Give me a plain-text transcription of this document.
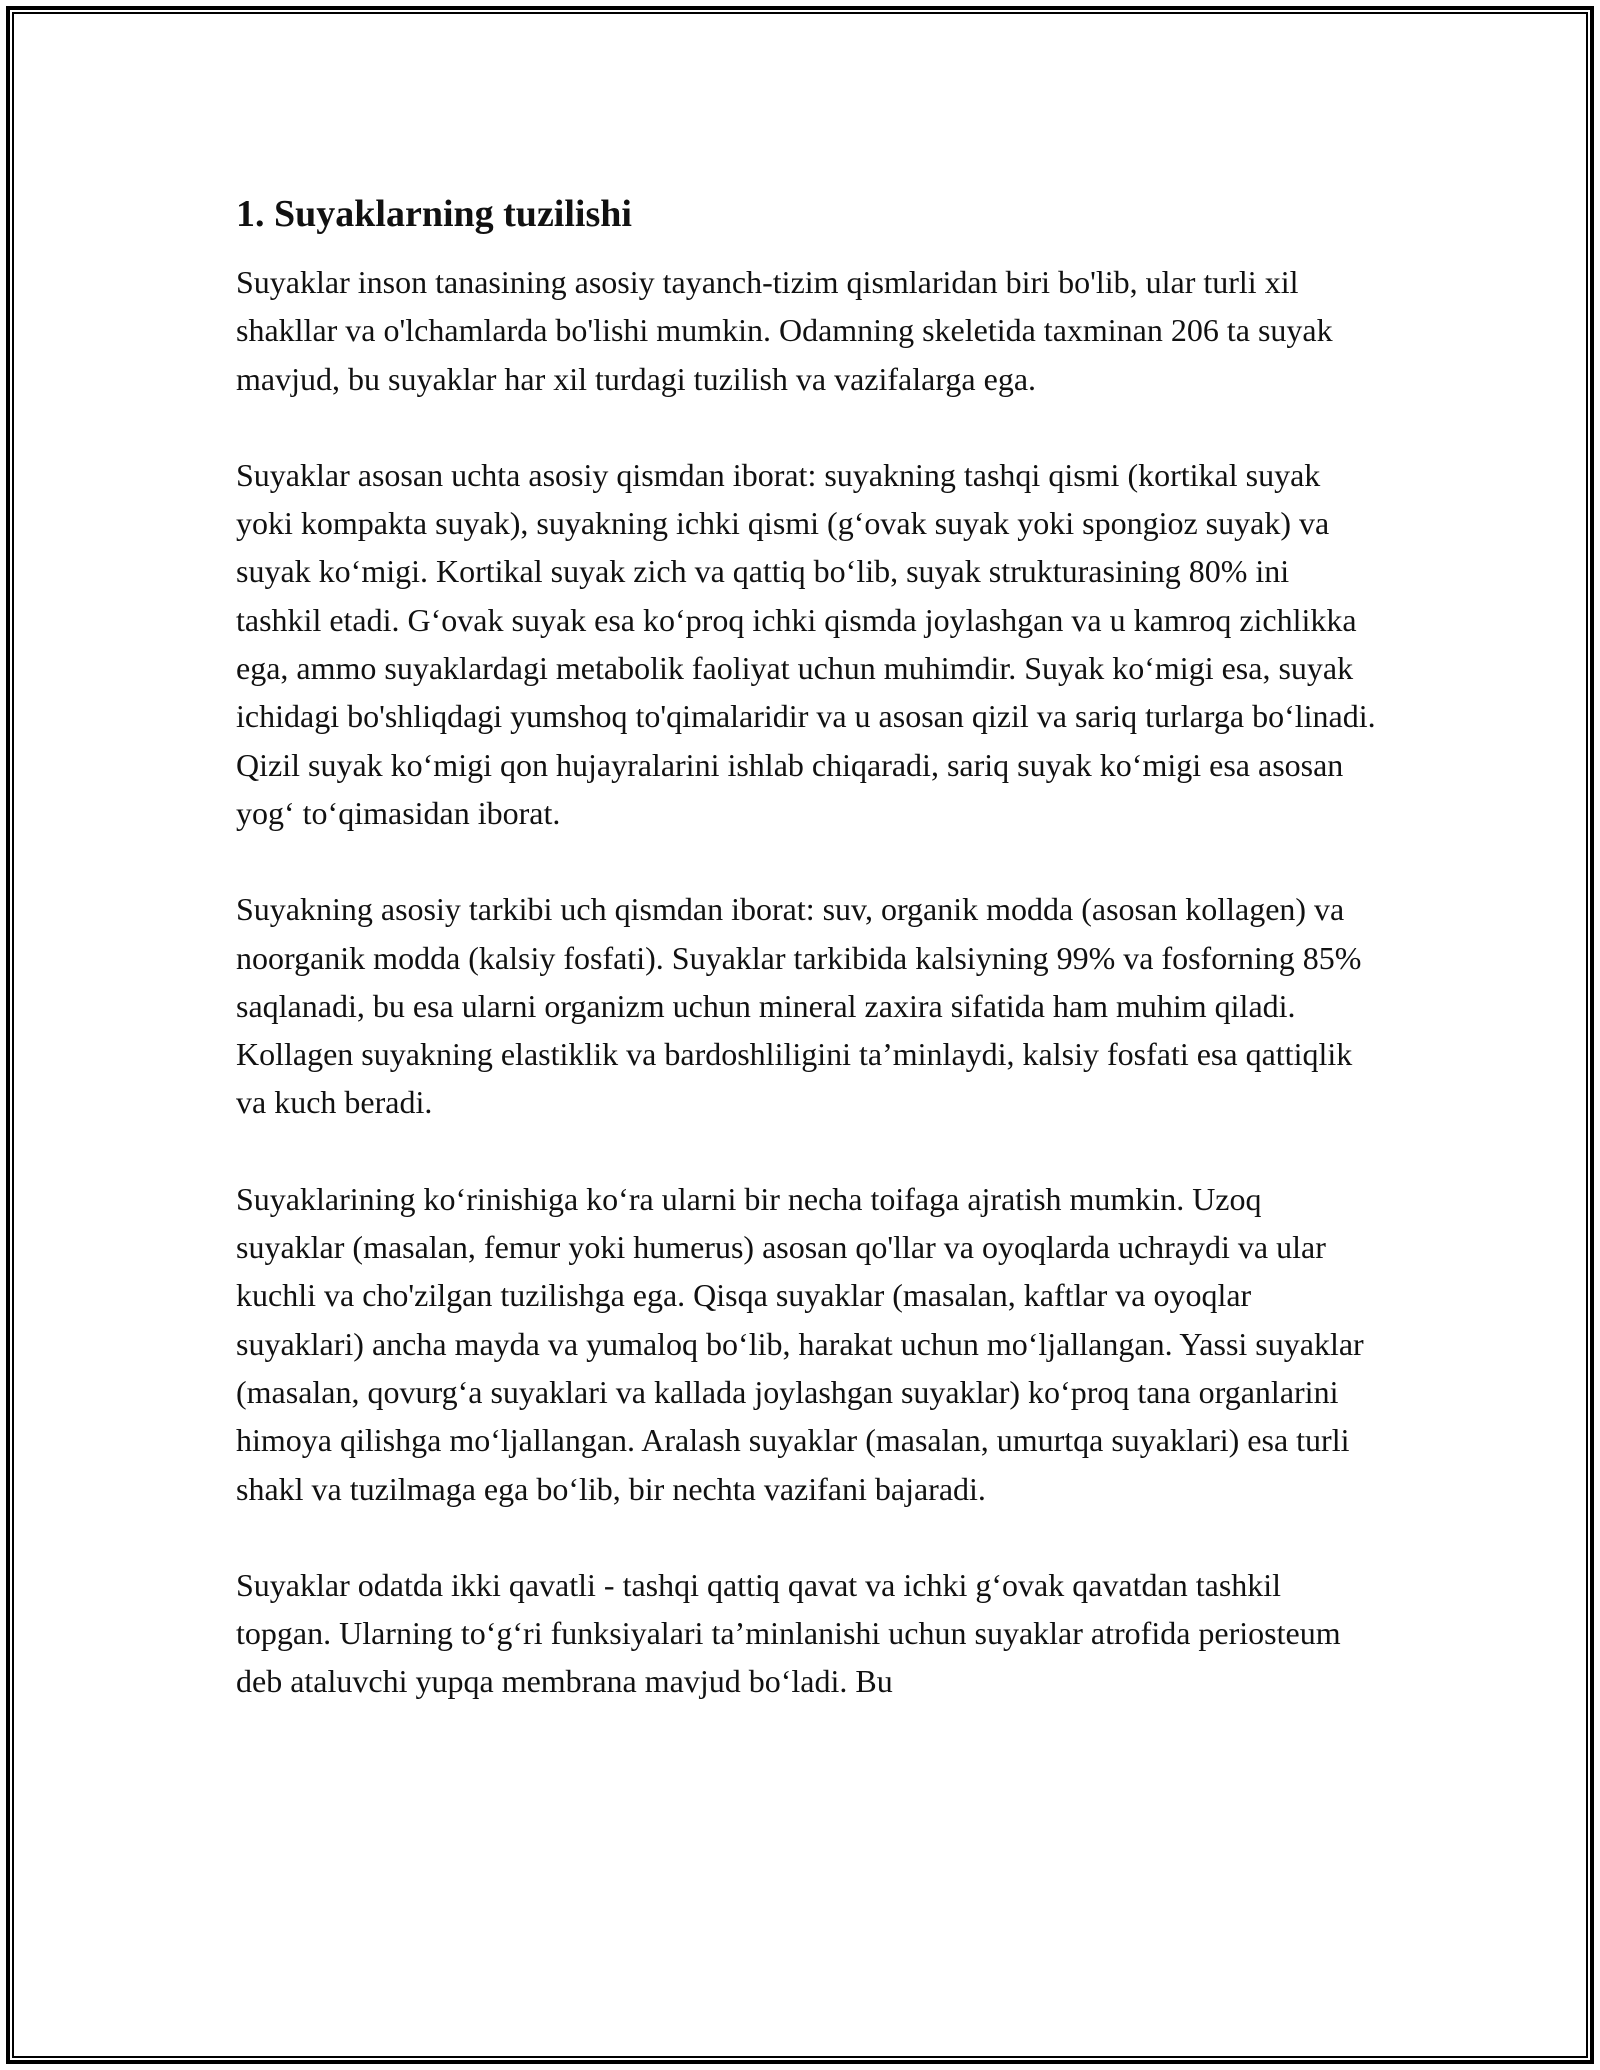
1. Suyaklarning tuzilishi

Suyaklar inson tanasining asosiy tayanch-tizim qismlaridan biri bo'lib, ular turli xil shakllar va o'lchamlarda bo'lishi mumkin. Odamning skeletida taxminan 206 ta suyak mavjud, bu suyaklar har xil turdagi tuzilish va vazifalarga ega.

Suyaklar asosan uchta asosiy qismdan iborat: suyakning tashqi qismi (kortikal suyak yoki kompakta suyak), suyakning ichki qismi (g‘ovak suyak yoki spongioz suyak) va suyak ko‘migi. Kortikal suyak zich va qattiq bo‘lib, suyak strukturasining 80% ini tashkil etadi. G‘ovak suyak esa ko‘proq ichki qismda joylashgan va u kamroq zichlikka ega, ammo suyaklardagi metabolik faoliyat uchun muhimdir. Suyak ko‘migi esa, suyak ichidagi bo'shliqdagi yumshoq to'qimalaridir va u asosan qizil va sariq turlarga bo‘linadi. Qizil suyak ko‘migi qon hujayralarini ishlab chiqaradi, sariq suyak ko‘migi esa asosan yog‘ to‘qimasidan iborat.

Suyakning asosiy tarkibi uch qismdan iborat: suv, organik modda (asosan kollagen) va noorganik modda (kalsiy fosfati). Suyaklar tarkibida kalsiyning 99% va fosforning 85% saqlanadi, bu esa ularni organizm uchun mineral zaxira sifatida ham muhim qiladi. Kollagen suyakning elastiklik va bardoshliligini ta’minlaydi, kalsiy fosfati esa qattiqlik va kuch beradi.

Suyaklarining ko‘rinishiga ko‘ra ularni bir necha toifaga ajratish mumkin. Uzoq suyaklar (masalan, femur yoki humerus) asosan qo'llar va oyoqlarda uchraydi va ular kuchli va cho'zilgan tuzilishga ega. Qisqa suyaklar (masalan, kaftlar va oyoqlar suyaklari) ancha mayda va yumaloq bo‘lib, harakat uchun mo‘ljallangan. Yassi suyaklar (masalan, qovurg‘a suyaklari va kallada joylashgan suyaklar) ko‘proq tana organlarini himoya qilishga mo‘ljallangan. Aralash suyaklar (masalan, umurtqa suyaklari) esa turli shakl va tuzilmaga ega bo‘lib, bir nechta vazifani bajaradi.

Suyaklar odatda ikki qavatli - tashqi qattiq qavat va ichki g‘ovak qavatdan tashkil topgan. Ularning to‘g‘ri funksiyalari ta’minlanishi uchun suyaklar atrofida periosteum deb ataluvchi yupqa membrana mavjud bo‘ladi. Bu
